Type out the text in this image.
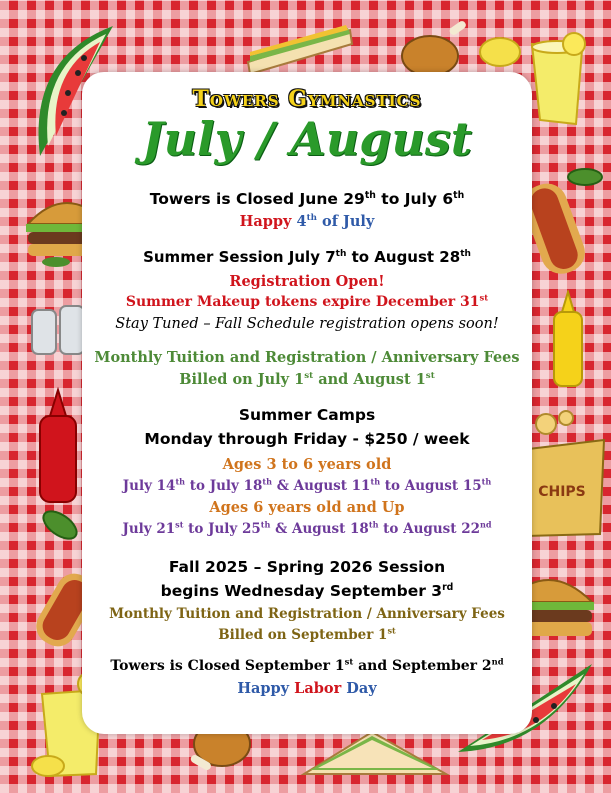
CHIPS
Towers Gymnastics
July / August
Towers is Closed June 29th to July 6th
Happy 4th of July
Summer Session July 7th to August 28th
Registration Open!
Summer Makeup tokens expire December 31st
Stay Tuned – Fall Schedule registration opens soon!
Monthly Tuition and Registration / Anniversary Fees
Billed on July 1st and August 1st
Summer Camps
Monday through Friday - $250 / week
Ages 3 to 6 years old
July 14th to July 18th & August 11th to August 15th
Ages 6 years old and Up
July 21st to July 25th & August 18th to August 22nd
Fall 2025 – Spring 2026 Session
begins Wednesday September 3rd
Monthly Tuition and Registration / Anniversary Fees
Billed on September 1st
Towers is Closed September 1st and September 2nd
Happy Labor Day
